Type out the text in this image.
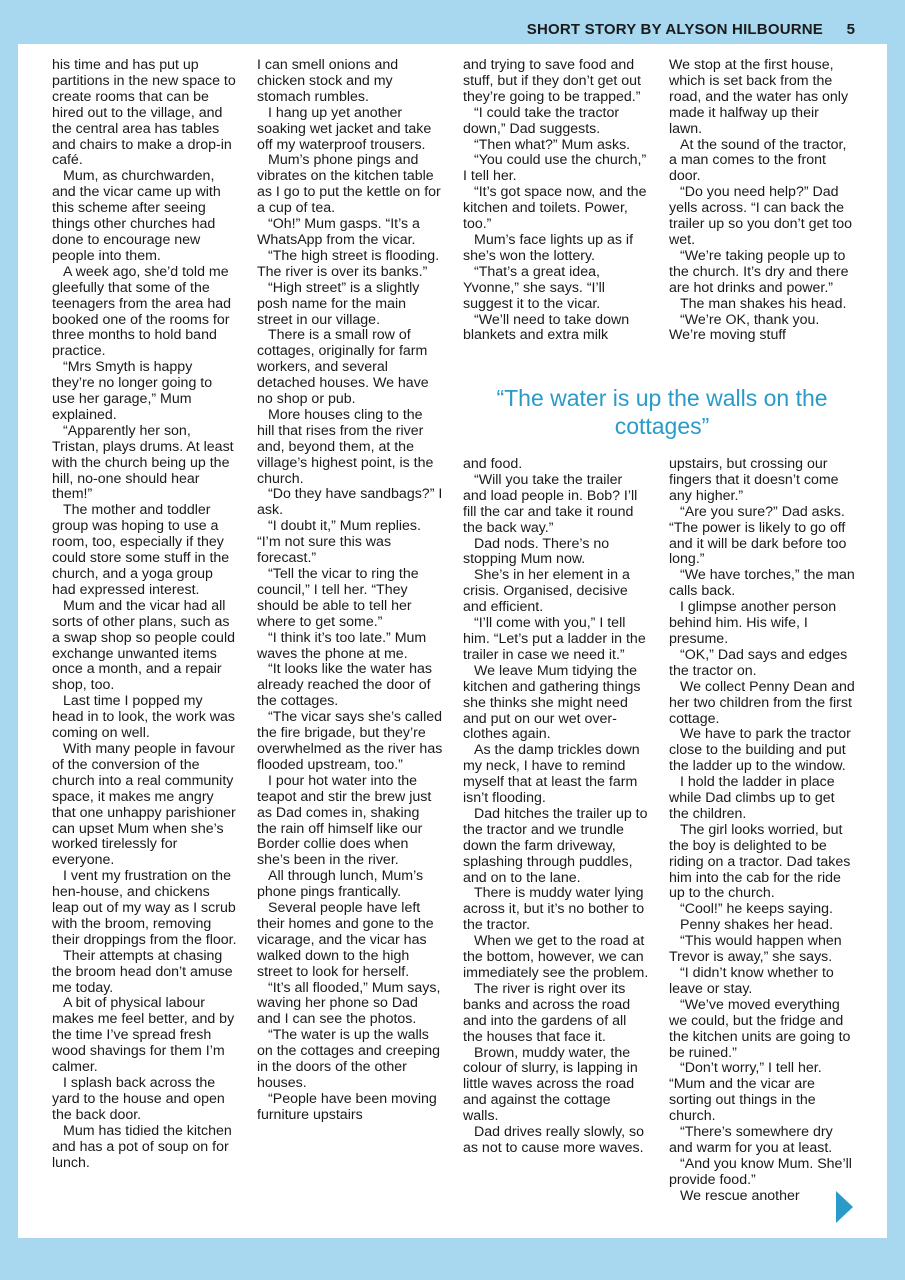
SHORT STORY BY ALYSON HILBOURNE 5

his time and has put up partitions in the new space to create rooms that can be hired out to the village, and the central area has tables and chairs to make a drop-in café.

Mum, as churchwarden, and the vicar came up with this scheme after seeing things other churches had done to encourage new people into them.

A week ago, she’d told me gleefully that some of the teenagers from the area had booked one of the rooms for three months to hold band practice.

“Mrs Smyth is happy they’re no longer going to use her garage,” Mum explained.

“Apparently her son, Tristan, plays drums. At least with the church being up the hill, no-one should hear them!”

The mother and toddler group was hoping to use a room, too, especially if they could store some stuff in the church, and a yoga group had expressed interest.

Mum and the vicar had all sorts of other plans, such as a swap shop so people could exchange unwanted items once a month, and a repair shop, too.

Last time I popped my head in to look, the work was coming on well.

With many people in favour of the conversion of the church into a real community space, it makes me angry that one unhappy parishioner can upset Mum when she’s worked tirelessly for everyone.

I vent my frustration on the hen-house, and chickens leap out of my way as I scrub with the broom, removing their droppings from the floor.

Their attempts at chasing the broom head don’t amuse me today.

A bit of physical labour makes me feel better, and by the time I’ve spread fresh wood shavings for them I’m calmer.

I splash back across the yard to the house and open the back door.

Mum has tidied the kitchen and has a pot of soup on for lunch.

I can smell onions and chicken stock and my stomach rumbles.

I hang up yet another soaking wet jacket and take off my waterproof trousers.

Mum’s phone pings and vibrates on the kitchen table as I go to put the kettle on for a cup of tea.

“Oh!” Mum gasps. “It’s a WhatsApp from the vicar.

“The high street is flooding. The river is over its banks.”

“High street” is a slightly posh name for the main street in our village.

There is a small row of cottages, originally for farm workers, and several detached houses. We have no shop or pub.

More houses cling to the hill that rises from the river and, beyond them, at the village’s highest point, is the church.

“Do they have sandbags?” I ask.

“I doubt it,” Mum replies. “I’m not sure this was forecast.”

“Tell the vicar to ring the council,” I tell her. “They should be able to tell her where to get some.”

“I think it’s too late.” Mum waves the phone at me.

“It looks like the water has already reached the door of the cottages.

“The vicar says she’s called the fire brigade, but they’re overwhelmed as the river has flooded upstream, too.”

I pour hot water into the teapot and stir the brew just as Dad comes in, shaking the rain off himself like our Border collie does when she’s been in the river.

All through lunch, Mum’s phone pings frantically.

Several people have left their homes and gone to the vicarage, and the vicar has walked down to the high street to look for herself.

“It’s all flooded,” Mum says, waving her phone so Dad and I can see the photos.

“The water is up the walls on the cottages and creeping in the doors of the other houses.

“People have been moving furniture upstairs

and trying to save food and stuff, but if they don’t get out they’re going to be trapped.”

“I could take the tractor down,” Dad suggests.

“Then what?” Mum asks.

“You could use the church,” I tell her.

“It’s got space now, and the kitchen and toilets. Power, too.”

Mum’s face lights up as if she’s won the lottery.

“That’s a great idea, Yvonne,” she says. “I’ll suggest it to the vicar.

“We’ll need to take down blankets and extra milk

We stop at the first house, which is set back from the road, and the water has only made it halfway up their lawn.

At the sound of the tractor, a man comes to the front door.

“Do you need help?” Dad yells across. “I can back the trailer up so you don’t get too wet.

“We’re taking people up to the church. It’s dry and there are hot drinks and power.”

The man shakes his head.

“We’re OK, thank you. We’re moving stuff

“The water is up the walls on the cottages”

and food.

“Will you take the trailer and load people in. Bob? I’ll fill the car and take it round the back way.”

Dad nods. There’s no stopping Mum now.

She’s in her element in a crisis. Organised, decisive and efficient.

“I’ll come with you,” I tell him. “Let’s put a ladder in the trailer in case we need it.”

We leave Mum tidying the kitchen and gathering things she thinks she might need and put on our wet over-clothes again.

As the damp trickles down my neck, I have to remind myself that at least the farm isn’t flooding.

Dad hitches the trailer up to the tractor and we trundle down the farm driveway, splashing through puddles, and on to the lane.

There is muddy water lying across it, but it’s no bother to the tractor.

When we get to the road at the bottom, however, we can immediately see the problem.

The river is right over its banks and across the road and into the gardens of all the houses that face it.

Brown, muddy water, the colour of slurry, is lapping in little waves across the road and against the cottage walls.

Dad drives really slowly, so as not to cause more waves.

upstairs, but crossing our fingers that it doesn’t come any higher.”

“Are you sure?” Dad asks. “The power is likely to go off and it will be dark before too long.”

“We have torches,” the man calls back.

I glimpse another person behind him. His wife, I presume.

“OK,” Dad says and edges the tractor on.

We collect Penny Dean and her two children from the first cottage.

We have to park the tractor close to the building and put the ladder up to the window.

I hold the ladder in place while Dad climbs up to get the children.

The girl looks worried, but the boy is delighted to be riding on a tractor. Dad takes him into the cab for the ride up to the church.

“Cool!” he keeps saying.

Penny shakes her head.

“This would happen when Trevor is away,” she says.

“I didn’t know whether to leave or stay.

“We’ve moved everything we could, but the fridge and the kitchen units are going to be ruined.”

“Don’t worry,” I tell her. “Mum and the vicar are sorting out things in the church.

“There’s somewhere dry and warm for you at least.

“And you know Mum. She’ll provide food.”

We rescue another
